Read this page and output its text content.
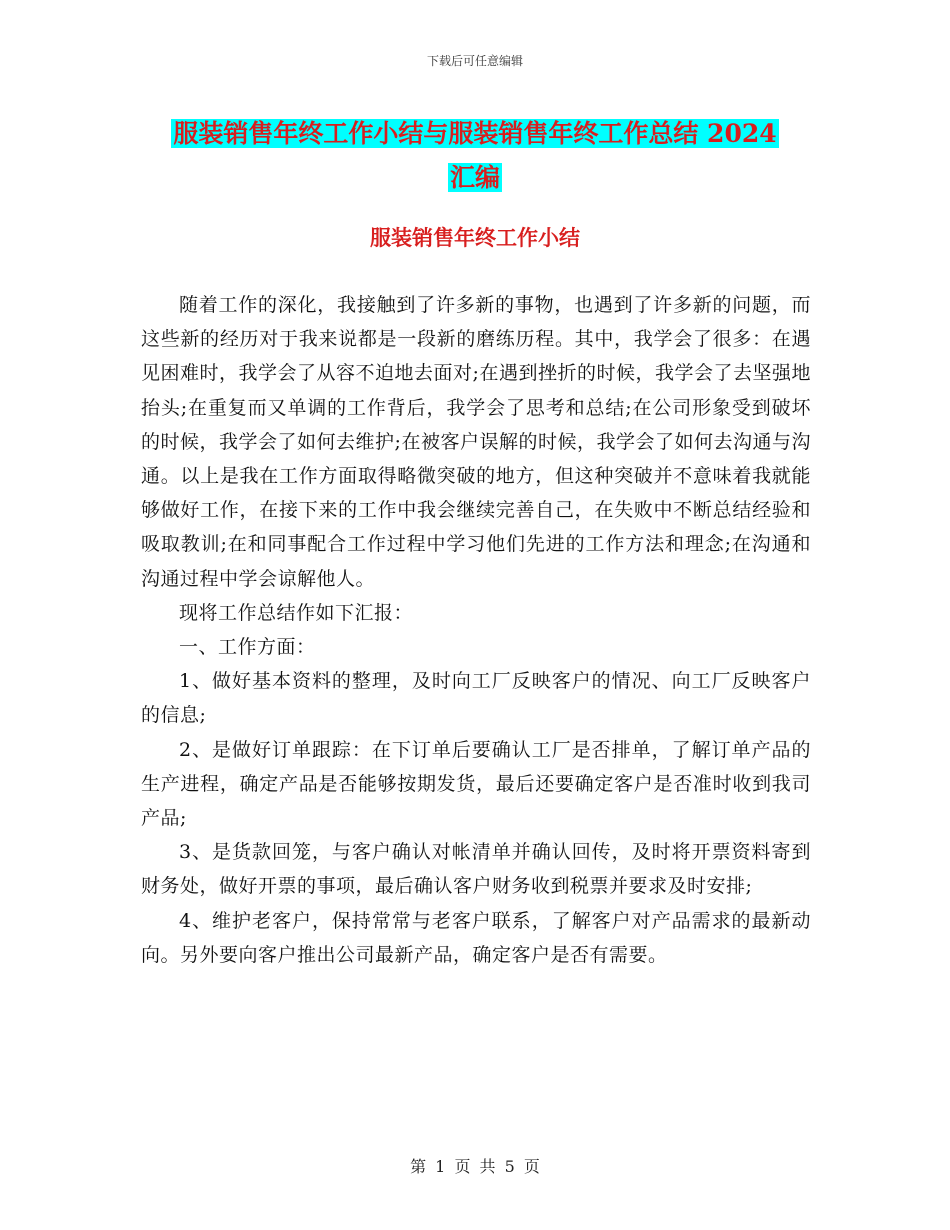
下载后可任意编辑
服装销售年终工作小结与服装销售年终工作总结 2024
汇编
服装销售年终工作小结

随着工作的深化，我接触到了许多新的事物，也遇到了许多新的问题，而这些新的经历对于我来说都是一段新的磨练历程。其中，我学会了很多：在遇见困难时，我学会了从容不迫地去面对;在遇到挫折的时候，我学会了去坚强地抬头;在重复而又单调的工作背后，我学会了思考和总结;在公司形象受到破坏的时候，我学会了如何去维护;在被客户误解的时候，我学会了如何去沟通与沟通。以上是我在工作方面取得略微突破的地方，但这种突破并不意味着我就能够做好工作，在接下来的工作中我会继续完善自己，在失败中不断总结经验和吸取教训;在和同事配合工作过程中学习他们先进的工作方法和理念;在沟通和沟通过程中学会谅解他人。

现将工作总结作如下汇报：

一、工作方面：

1、做好基本资料的整理，及时向工厂反映客户的情况、向工厂反映客户的信息;

2、是做好订单跟踪：在下订单后要确认工厂是否排单，了解订单产品的生产进程，确定产品是否能够按期发货，最后还要确定客户是否准时收到我司产品;

3、是货款回笼，与客户确认对帐清单并确认回传，及时将开票资料寄到财务处，做好开票的事项，最后确认客户财务收到税票并要求及时安排;

4、维护老客户，保持常常与老客户联系，了解客户对产品需求的最新动向。另外要向客户推出公司最新产品，确定客户是否有需要。

第 1 页 共 5 页
